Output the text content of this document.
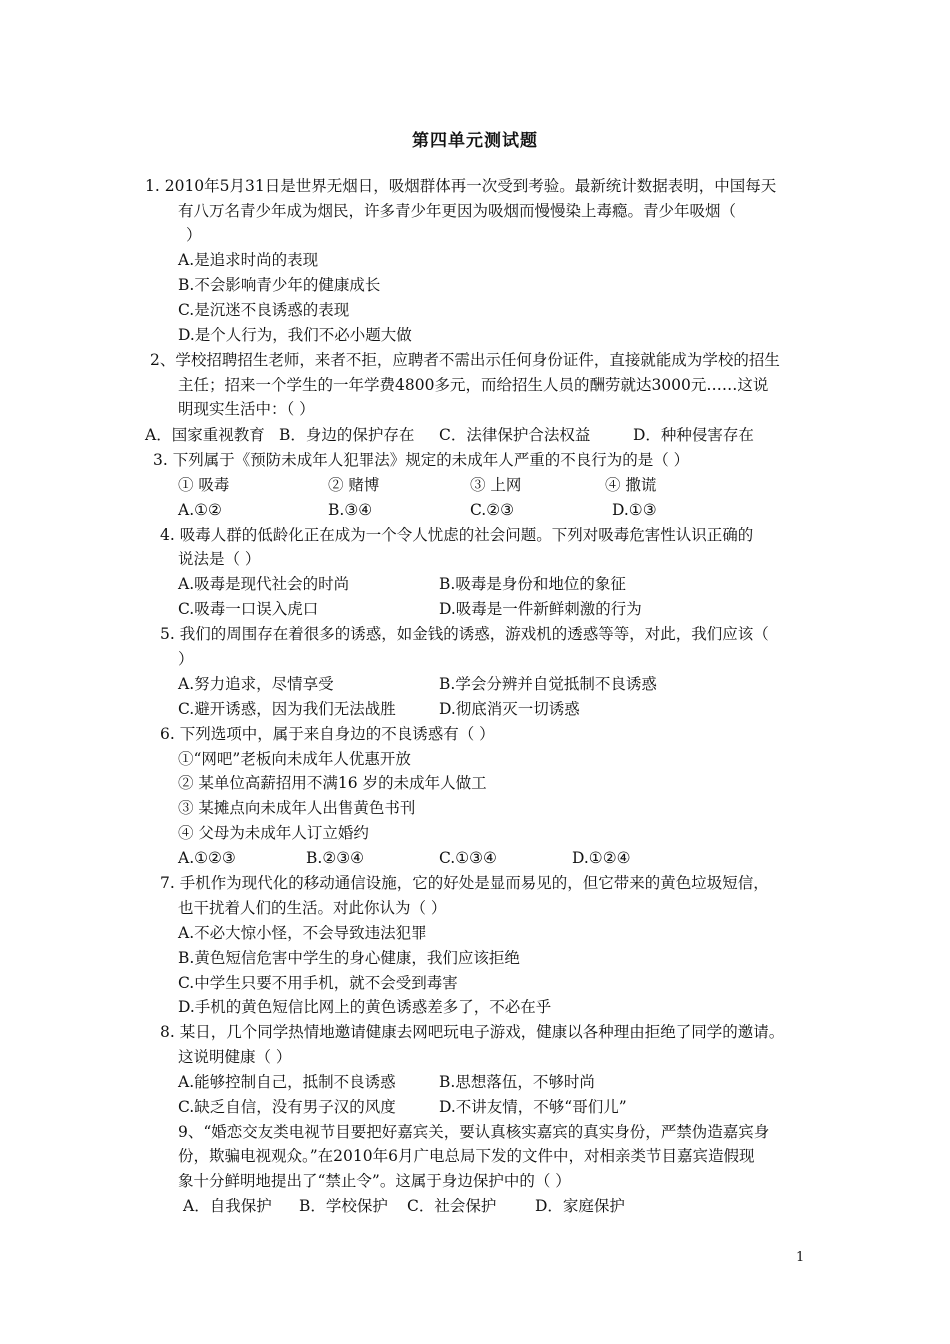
第四单元测试题
1. 2010年5月31日是世界无烟日，吸烟群体再一次受到考验。最新统计数据表明，中国每天
有八万名青少年成为烟民，许多青少年更因为吸烟而慢慢染上毒瘾。青少年吸烟（
）
A.是追求时尚的表现
B.不会影响青少年的健康成长
C.是沉迷不良诱惑的表现
D.是个人行为，我们不必小题大做
2、学校招聘招生老师，来者不拒，应聘者不需出示任何身份证件，直接就能成为学校的招生
主任；招来一个学生的一年学费4800多元，而给招生人员的酬劳就达3000元……这说
明现实生活中：（ ）
A．国家重视教育 B．身边的保护存在 C．法律保护合法权益	D．种种侵害存在
3. 下列属于《预防未成年人犯罪法》规定的未成年人严重的不良行为的是（ ）
① 吸毒	② 赌博	③ 上网	④ 撒谎
A.①②	B.③④	C.②③	D.①③
4. 吸毒人群的低龄化正在成为一个令人忧虑的社会问题。下列对吸毒危害性认识正确的
说法是（ ）
A.吸毒是现代社会的时尚	B.吸毒是身份和地位的象征
C.吸毒一口误入虎口	D.吸毒是一件新鲜刺激的行为
5. 我们的周围存在着很多的诱惑，如金钱的诱惑，游戏机的透惑等等，对此，我们应该（
）
A.努力追求，尽情享受	B.学会分辨并自觉抵制不良诱惑
C.避开诱惑，因为我们无法战胜	D.彻底消灭一切诱惑
6. 下列选项中，属于来自身边的不良诱惑有（ ）
①“网吧”老板向未成年人优惠开放
② 某单位高薪招用不满16 岁的未成年人做工
③ 某摊点向未成年人出售黄色书刊
④ 父母为未成年人订立婚约
A.①②③	B.②③④	C.①③④	D.①②④
7. 手机作为现代化的移动通信设施，它的好处是显而易见的，但它带来的黄色垃圾短信，
也干扰着人们的生活。对此你认为（ ）
A.不必大惊小怪，不会导致违法犯罪
B.黄色短信危害中学生的身心健康，我们应该拒绝
C.中学生只要不用手机，就不会受到毒害
D.手机的黄色短信比网上的黄色诱惑差多了，不必在乎
8. 某日，几个同学热情地邀请健康去网吧玩电子游戏，健康以各种理由拒绝了同学的邀请。
这说明健康（ ）
A.能够控制自己，抵制不良诱惑	B.思想落伍，不够时尚
C.缺乏自信，没有男子汉的风度	D.不讲友情，不够“哥们儿”
9、“婚恋交友类电视节目要把好嘉宾关，要认真核实嘉宾的真实身份，严禁伪造嘉宾身
份，欺骗电视观众。”在2010年6月广电总局下发的文件中，对相亲类节目嘉宾造假现
象十分鲜明地提出了“禁止令”。这属于身边保护中的（ ）
A．自我保护 B．学校保护 C．社会保护 D．家庭保护
1
